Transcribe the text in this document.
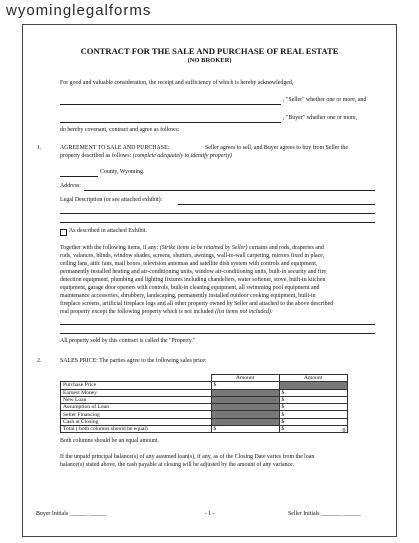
wyominglegalforms
CONTRACT FOR THE SALE AND PURCHASE OF REAL ESTATE
(NO BROKER)
For good and valuable consideration, the receipt and sufficiency of which is hereby acknowledged,
, "Seller" whether one or more, and
, "Buyer" whether one or more,
do hereby covenant, contract and agree as follows:
1.	AGREEMENT TO SALE AND PURCHASE:	Seller agrees to sell, and Buyer agrees to buy from Seller the
property described as follows: (complete adequately to identify property)
County, Wyoming.
Address:
Legal Description (or see attached exhibit):
As described in attached Exhibit.
Together with the following items, if any: (Strike items to be retained by Seller) curtains and rods, draperies and
rods, valances, blinds, window shades, screens, shutters, awnings, wall-to-wall carpeting, mirrors fixed in place,
ceiling fans, attic fans, mail boxes, television antennas and satellite dish system with controls and equipment,
permanently installed heating and air-conditioning units, window air-conditioning units, built-in security and fire
detection equipment, plumbing and lighting fixtures including chandeliers, water softener, stove, built-in kitchen
equipment, garage door openers with controls, built-in cleaning equipment, all swimming pool equipment and
maintenance accessories, shrubbery, landscaping, permanently installed outdoor cooking equipment, built-in
fireplace screens, artificial fireplace logs and all other property owned by Seller and attached to the above described
real property except the following property which is not included (list items not included):
All property sold by this contract is called the "Property."
2.	SALES PRICE: The parties agree to the following sales price:
	Amount	Amount
Purchase Price	$	
Earnest Money		$
New Loan		$
Assumption of Loan		$
Seller Financing		$
Cash at Closing		$
Total ( both columns should be equal)	$	$ 0
Both columns should be an equal amount.
If the unpaid principal balance(s) of any assumed loan(s), if any, as of the Closing Date varies from the loan
balance(s) stated above, the cash payable at closing will be adjusted by the amount of any variance.
Buyer Initials ______ ______	- 1 -	Seller Initials _______ ______
